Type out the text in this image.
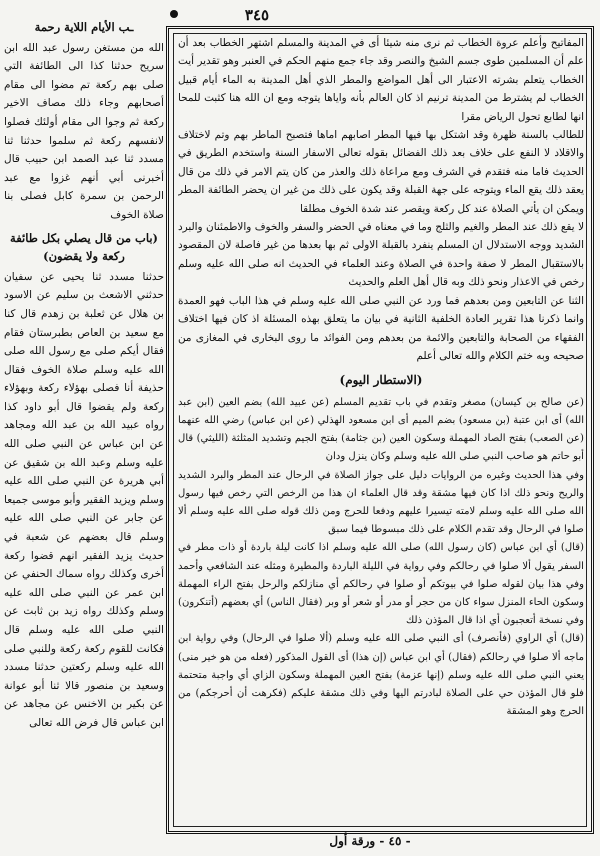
٣٤٥
ـب الأيام اللاية رحمة

الله من مستغن رسول عبد الله ابن سريح حدثنا كذا الى الطائفة التي صلى بهم ركعة تم مضوا الى مقام أصحابهم وجاء ذلك مصاف الاخير ركعة ثم وجوا الى مقام أولئك فصلوا لانفسهم ركعة ثم سلموا حدثنا ثنا مسدد ثنا عبد الصمد ابن حبيب قال أخبرنى أبي أنهم غزوا مع عبد الرحمن بن سمرة كابل فصلى بنا صلاة الخوف

(باب من قال يصلي بكل طائفة ركعة ولا يقضون)

حدثنا مسدد ثنا يحيى عن سفيان حدثني الاشعث بن سليم عن الاسود بن هلال عن ثعلبة بن زهدم قال كنا مع سعيد بن العاص بطبرستان فقام فقال أيكم صلى مع رسول الله صلى الله عليه وسلم صلاة الخوف فقال حذيفة أنا فصلى بهؤلاء ركعة وبهؤلاء ركعة ولم يقضوا قال أبو داود كذا رواه عبيد الله بن عبد الله ومجاهد عن ابن عباس عن النبي صلى الله عليه وسلم وعبد الله بن شقيق عن أبي هريرة عن النبي صلى الله عليه وسلم ويزيد الفقير وأبو موسى جميعا عن جابر عن النبي صلى الله عليه وسلم قال بعضهم عن شعبة في حديث يزيد الفقير انهم قضوا ركعة أخرى وكذلك رواه سماك الحنفي عن ابن عمر عن النبي صلى الله عليه وسلم وكذلك رواه زيد بن ثابت عن النبي صلى الله عليه وسلم قال فكانت للقوم ركعة ركعة وللنبي صلى الله عليه وسلم ركعتين حدثنا مسدد وسعيد بن منصور قالا ثنا أبو عوانة عن بكير بن الاخنس عن مجاهد عن ابن عباس قال فرض الله تعالى

المفاتيح وأعلم عروة الخطاب ثم نرى منه شيئا أى في المدينة والمسلم اشتهر الخطاب بعد أن علم أن المسلمين طوى جسم الشيخ والنصر وقد جاء جمع منهم الحكم في العنبر وهو تقدير أيت الخطاب يتعلم بشرته الاعتبار الى أهل المواضع والمطر الذي أهل المدينة به الماء أيام قبيل الخطاب لم يشترط من المدينة ترنيم اذ كان العالم بأنه واياها يتوجه ومع ان الله هنا كثبت للمحا انها لطابع تحول الرياض مقرا

للطالب بالسنة ظهرة وقد اشتكل بها فيها المطر اصابهم اماها فتصبح الماطر بهم وتم لاختلاف والاقلاد لا النفع على خلاف بعد ذلك الفضائل بقوله تعالى الاسفار السنة واستخدم الطريق في الحديث فاما منه فتقدم في الشرف ومع مراعاة ذلك والعذر من كان يتم الامر في ذلك من قال يعقد ذلك يقع الماء ويتوجه على جهة القبلة وقد يكون على ذلك من غير ان يحضر الطائفة المطر ويمكن ان يأتي الصلاة عند كل ركعة ويقصر عند شدة الخوف مطلقا

لا يقع ذلك عند المطر والغيم والثلج وما في معناه في الحضر والسفر والخوف والاطمئنان والبرد الشديد ووجه الاستدلال ان المسلم ينفرد بالقبلة الاولى ثم بها بعدها من غير فاصلة لان المقصود بالاستقبال المطر لا صفة واحدة في الصلاة وعند العلماء في الحديث انه صلى الله عليه وسلم رخص في الاعذار ونحو ذلك وبه قال أهل العلم والحديث

الثنا عن التابعين ومن بعدهم فما ورد عن النبي صلى الله عليه وسلم في هذا الباب فهو العمدة وانما ذكرنا هذا تقرير العادة الخلفية الثانية في بيان ما يتعلق بهذه المسئلة اذ كان فيها اختلاف الفقهاء من الصحابة والتابعين والائمة من بعدهم ومن الفوائد ما روى البخارى في المغازى من صحيحه وبه ختم الكلام والله تعالى أعلم

(الاستطار اليوم)

(عن صالح بن كيسان) مصغر وتقدم في باب تقديم المسلم (عن عبيد الله) بضم العين (ابن عبد الله) أى ابن عتبة (بن مسعود) بضم الميم أى ابن مسعود الهذلي (عن ابن عباس) رضي الله عنهما (عن الصعب) بفتح الصاد المهملة وسكون العين (بن جثامة) بفتح الجيم وتشديد المثلثة (الليثي) قال أبو حاتم هو صاحب النبي صلى الله عليه وسلم وكان ينزل ودان

وفي هذا الحديث وغيره من الروايات دليل على جواز الصلاة في الرحال عند المطر والبرد الشديد والريح ونحو ذلك اذا كان فيها مشقة وقد قال العلماء ان هذا من الرخص التي رخص فيها رسول الله صلى الله عليه وسلم لامته تيسيرا عليهم ودفعا للحرج ومن ذلك قوله صلى الله عليه وسلم ألا صلوا في الرحال وقد تقدم الكلام على ذلك مبسوطا فيما سبق

(قال) أي ابن عباس (كان رسول الله) صلى الله عليه وسلم اذا كانت ليلة باردة أو ذات مطر في السفر يقول ألا صلوا في رحالكم وفي رواية في الليلة الباردة والمطيرة ومثله عند الشافعي وأحمد وفي هذا بيان لقوله صلوا في بيوتكم أو صلوا في رحالكم أي منازلكم والرحل بفتح الراء المهملة وسكون الحاء المنزل سواء كان من حجر أو مدر أو شعر أو وبر (فقال الناس) أي بعضهم (أتنكرون) وفي نسخة أتعجبون أي اذا قال المؤذن ذلك

(قال) أي الراوي (فأنصرف) أى النبي صلى الله عليه وسلم (ألا صلوا في الرحال) وفي رواية ابن ماجه ألا صلوا في رحالكم (فقال) أي ابن عباس (إن هذا) أى القول المذكور (فعله من هو خير منى) يعني النبي صلى الله عليه وسلم (إنها عزمة) بفتح العين المهملة وسكون الزاي أي واجبة متحتمة فلو قال المؤذن حي على الصلاة لبادرتم اليها وفي ذلك مشقة عليكم (فكرهت أن أحرجكم) من الحرج وهو المشقة

- ٤٥ - ورقة أول
